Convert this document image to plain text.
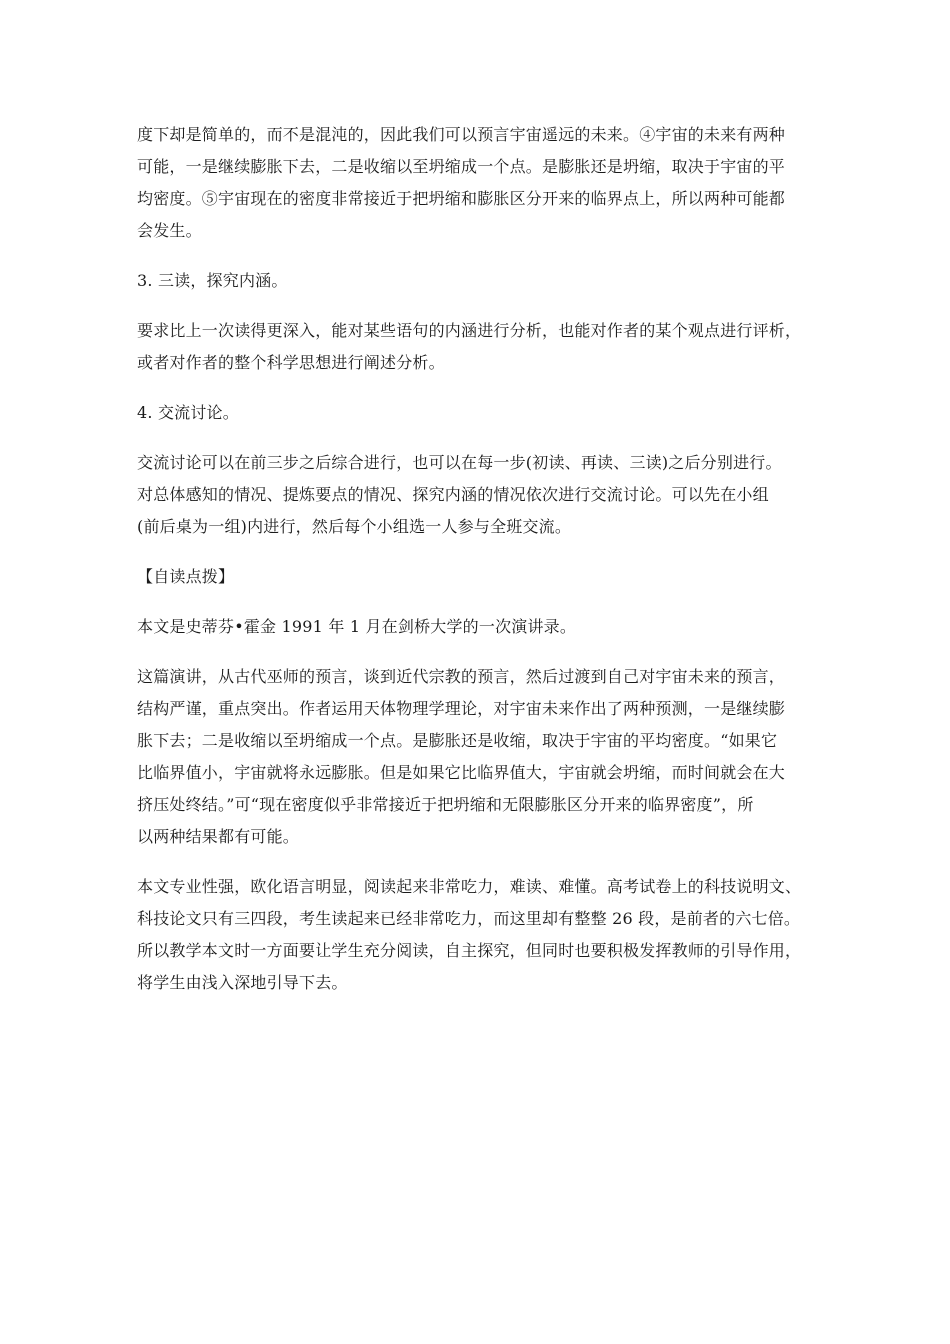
度下却是简单的，而不是混沌的，因此我们可以预言宇宙遥远的未来。④宇宙的未来有两种
可能，一是继续膨胀下去，二是收缩以至坍缩成一个点。是膨胀还是坍缩，取决于宇宙的平
均密度。⑤宇宙现在的密度非常接近于把坍缩和膨胀区分开来的临界点上，所以两种可能都
会发生。
3. 三读，探究内涵。
要求比上一次读得更深入，能对某些语句的内涵进行分析，也能对作者的某个观点进行评析，
或者对作者的整个科学思想进行阐述分析。
4. 交流讨论。
交流讨论可以在前三步之后综合进行，也可以在每一步(初读、再读、三读)之后分别进行。
对总体感知的情况、提炼要点的情况、探究内涵的情况依次进行交流讨论。可以先在小组
(前后桌为一组)内进行，然后每个小组选一人参与全班交流。
【自读点拨】
本文是史蒂芬•霍金 1991 年 1 月在剑桥大学的一次演讲录。
这篇演讲，从古代巫师的预言，谈到近代宗教的预言，然后过渡到自己对宇宙未来的预言，
结构严谨，重点突出。作者运用天体物理学理论，对宇宙未来作出了两种预测，一是继续膨
胀下去；二是收缩以至坍缩成一个点。是膨胀还是收缩，取决于宇宙的平均密度。“如果它
比临界值小，宇宙就将永远膨胀。但是如果它比临界值大，宇宙就会坍缩，而时间就会在大
挤压处终结。”可“现在密度似乎非常接近于把坍缩和无限膨胀区分开来的临界密度”，所
以两种结果都有可能。
本文专业性强，欧化语言明显，阅读起来非常吃力，难读、难懂。高考试卷上的科技说明文、
科技论文只有三四段，考生读起来已经非常吃力，而这里却有整整 26 段，是前者的六七倍。
所以教学本文时一方面要让学生充分阅读，自主探究，但同时也要积极发挥教师的引导作用，
将学生由浅入深地引导下去。
